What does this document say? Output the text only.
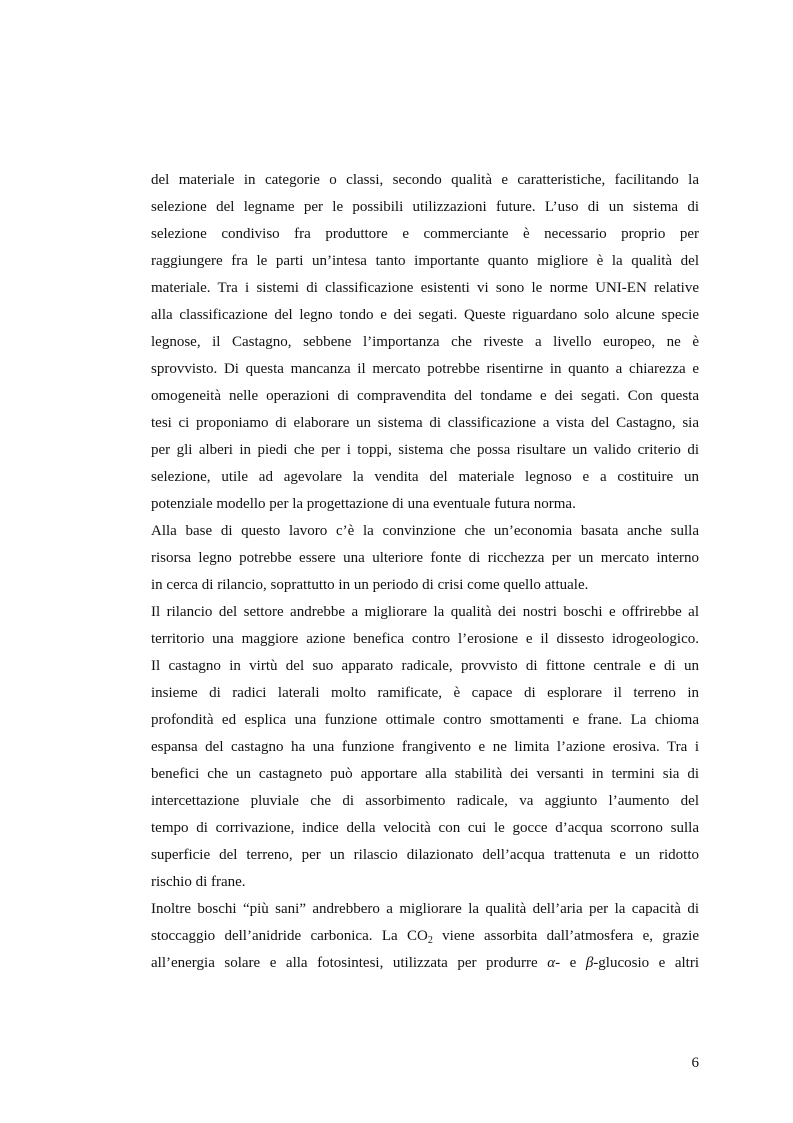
del materiale in categorie o classi, secondo qualità e caratteristiche, facilitando la
selezione del legname per le possibili utilizzazioni future. L’uso di un sistema di
selezione condiviso fra produttore e commerciante è necessario proprio per
raggiungere fra le parti un’intesa tanto importante quanto migliore è la qualità del
materiale. Tra i sistemi di classificazione esistenti vi sono le norme UNI-EN relative
alla classificazione del legno tondo e dei segati. Queste riguardano solo alcune specie
legnose, il Castagno, sebbene l’importanza che riveste a livello europeo, ne è
sprovvisto. Di questa mancanza il mercato potrebbe risentirne in quanto a chiarezza e
omogeneità nelle operazioni di compravendita del tondame e dei segati. Con questa
tesi ci proponiamo di elaborare un sistema di classificazione a vista del Castagno, sia
per gli alberi in piedi che per i toppi, sistema che possa risultare un valido criterio di
selezione, utile ad agevolare la vendita del materiale legnoso e a costituire un
potenziale modello per la progettazione di una eventuale futura norma.
Alla base di questo lavoro c’è la convinzione che un’economia basata anche sulla
risorsa legno potrebbe essere una ulteriore fonte di ricchezza per un mercato interno
in cerca di rilancio, soprattutto in un periodo di crisi come quello attuale.
Il rilancio del settore andrebbe a migliorare la qualità dei nostri boschi e offrirebbe al
territorio una maggiore azione benefica contro l’erosione e il dissesto idrogeologico.
Il castagno in virtù del suo apparato radicale, provvisto di fittone centrale e di un
insieme di radici laterali molto ramificate, è capace di esplorare il terreno in
profondità ed esplica una funzione ottimale contro smottamenti e frane. La chioma
espansa del castagno ha una funzione frangivento e ne limita l’azione erosiva. Tra i
benefici che un castagneto può apportare alla stabilità dei versanti in termini sia di
intercettazione pluviale che di assorbimento radicale, va aggiunto l’aumento del
tempo di corrivazione, indice della velocità con cui le gocce d’acqua scorrono sulla
superficie del terreno, per un rilascio dilazionato dell’acqua trattenuta e un ridotto
rischio di frane.
Inoltre boschi “più sani” andrebbero a migliorare la qualità dell’aria per la capacità di
stoccaggio dell’anidride carbonica. La $CO_2$ viene assorbita dall’atmosfera e, grazie
all’energia solare e alla fotosintesi, utilizzata per produrre α- e β-glucosio e altri
6
